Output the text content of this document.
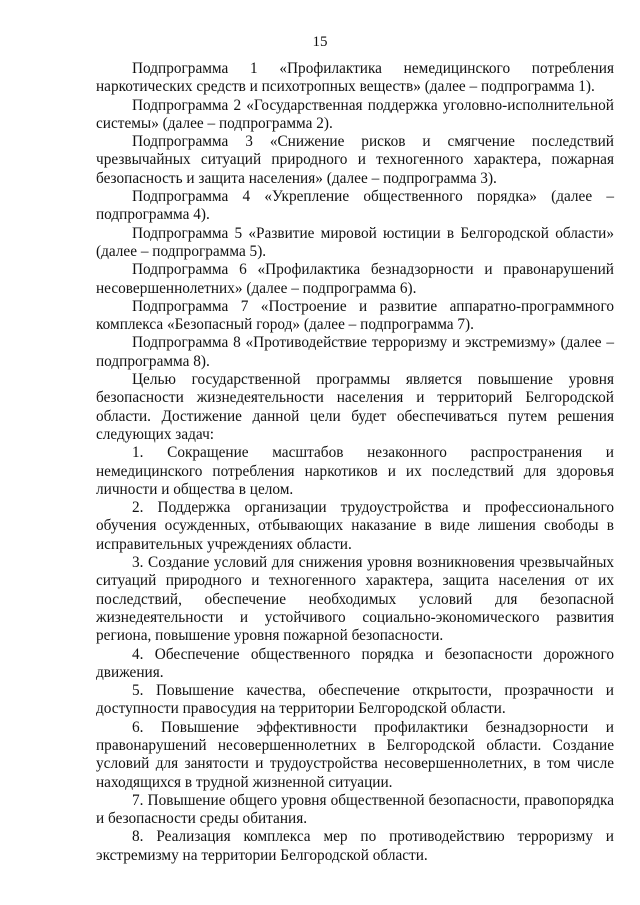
15

Подпрограмма 1 «Профилактика немедицинского потребления наркотических средств и психотропных веществ» (далее – подпрограмма 1).

Подпрограмма 2 «Государственная поддержка уголовно-исполнительной системы» (далее – подпрограмма 2).

Подпрограмма 3 «Снижение рисков и смягчение последствий чрезвычайных ситуаций природного и техногенного характера, пожарная безопасность и защита населения» (далее – подпрограмма 3).

Подпрограмма 4 «Укрепление общественного порядка» (далее – подпрограмма 4).

Подпрограмма 5 «Развитие мировой юстиции в Белгородской области» (далее – подпрограмма 5).

Подпрограмма 6 «Профилактика безнадзорности и правонарушений несовершеннолетних» (далее – подпрограмма 6).

Подпрограмма 7 «Построение и развитие аппаратно-программного комплекса «Безопасный город» (далее – подпрограмма 7).

Подпрограмма 8 «Противодействие терроризму и экстремизму» (далее – подпрограмма 8).

Целью государственной программы является повышение уровня безопасности жизнедеятельности населения и территорий Белгородской области. Достижение данной цели будет обеспечиваться путем решения следующих задач:

1. Сокращение масштабов незаконного распространения и немедицинского потребления наркотиков и их последствий для здоровья личности и общества в целом.

2. Поддержка организации трудоустройства и профессионального обучения осужденных, отбывающих наказание в виде лишения свободы в исправительных учреждениях области.

3. Создание условий для снижения уровня возникновения чрезвычайных ситуаций природного и техногенного характера, защита населения от их последствий, обеспечение необходимых условий для безопасной жизнедеятельности и устойчивого социально-экономического развития региона, повышение уровня пожарной безопасности.

4. Обеспечение общественного порядка и безопасности дорожного движения.

5. Повышение качества, обеспечение открытости, прозрачности и доступности правосудия на территории Белгородской области.

6. Повышение эффективности профилактики безнадзорности и правонарушений несовершеннолетних в Белгородской области. Создание условий для занятости и трудоустройства несовершеннолетних, в том числе находящихся в трудной жизненной ситуации.

7. Повышение общего уровня общественной безопасности, правопорядка и безопасности среды обитания.

8. Реализация комплекса мер по противодействию терроризму и экстремизму на территории Белгородской области.
